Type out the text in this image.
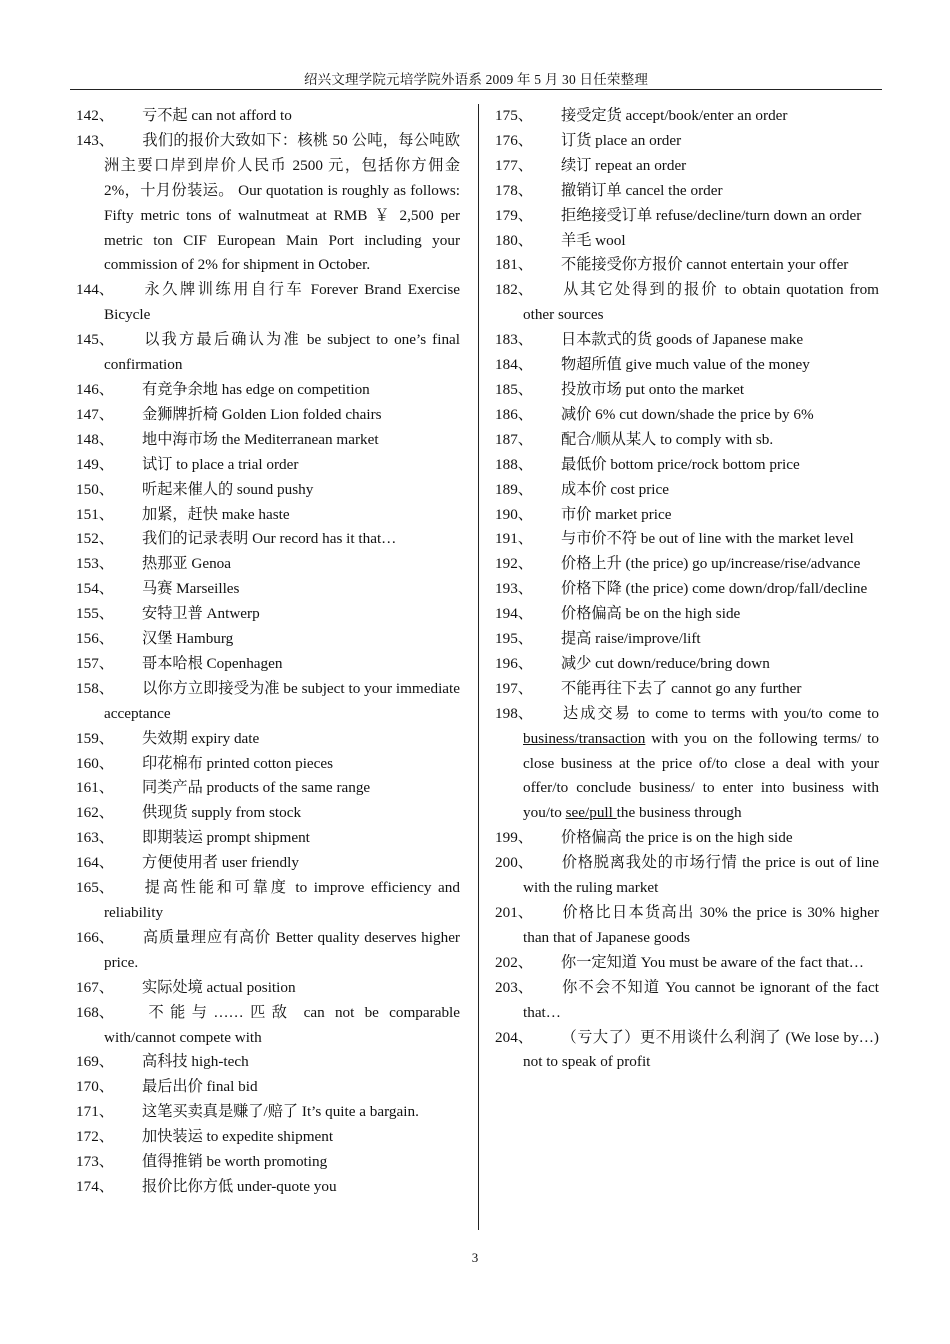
绍兴文理学院元培学院外语系 2009 年 5 月 30 日任荣整理

142、 亏不起 can not afford to

143、 我们的报价大致如下：核桃 50 公吨，每公吨欧洲主要口岸到岸价人民币 2500 元，包括你方佣金 2%，十月份装运。 Our quotation is roughly as follows: Fifty metric tons of walnutmeat at RMB ￥ 2,500 per metric ton CIF European Main Port including your commission of 2% for shipment in October.

144、 永久牌训练用自行车 Forever Brand Exercise Bicycle

145、 以我方最后确认为准 be subject to one’s final confirmation

146、 有竞争余地 has edge on competition

147、 金狮牌折椅 Golden Lion folded chairs

148、 地中海市场 the Mediterranean market

149、 试订 to place a trial order

150、 听起来催人的 sound pushy

151、 加紧，赶快 make haste

152、 我们的记录表明 Our record has it that…

153、 热那亚 Genoa

154、 马赛 Marseilles

155、 安特卫普 Antwerp

156、 汉堡 Hamburg

157、 哥本哈根 Copenhagen

158、 以你方立即接受为准 be subject to your immediate acceptance

159、 失效期 expiry date

160、 印花棉布 printed cotton pieces

161、 同类产品 products of the same range

162、 供现货 supply from stock

163、 即期装运 prompt shipment

164、 方便使用者 user friendly

165、 提高性能和可靠度 to improve efficiency and reliability

166、 高质量理应有高价 Better quality deserves higher price.

167、 实际处境 actual position

168、 不能与……匹敌 can not be comparable with/cannot compete with

169、 高科技 high-tech

170、 最后出价 final bid

171、 这笔买卖真是赚了/赔了 It’s quite a bargain.

172、 加快装运 to expedite shipment

173、 值得推销 be worth promoting

174、 报价比你方低 under-quote you

175、 接受定货 accept/book/enter an order

176、 订货 place an order

177、 续订 repeat an order

178、 撤销订单 cancel the order

179、 拒绝接受订单 refuse/decline/turn down an order

180、 羊毛 wool

181、 不能接受你方报价 cannot entertain your offer

182、 从其它处得到的报价 to obtain quotation from other sources

183、 日本款式的货 goods of Japanese make

184、 物超所值 give much value of the money

185、 投放市场 put onto the market

186、 减价 6% cut down/shade the price by 6%

187、 配合/顺从某人 to comply with sb.

188、 最低价 bottom price/rock bottom price

189、 成本价 cost price

190、 市价 market price

191、 与市价不符 be out of line with the market level

192、 价格上升 (the price) go up/increase/rise/advance

193、 价格下降 (the price) come down/drop/fall/decline

194、 价格偏高 be on the high side

195、 提高 raise/improve/lift

196、 减少 cut down/reduce/bring down

197、 不能再往下去了 cannot go any further

198、 达成交易 to come to terms with you/to come to business/transaction with you on the following terms/ to close business at the price of/to close a deal with your offer/to conclude business/ to enter into business with you/to see/pull the business through

199、 价格偏高 the price is on the high side

200、 价格脱离我处的市场行情 the price is out of line with the ruling market

201、 价格比日本货高出 30% the price is 30% higher than that of Japanese goods

202、 你一定知道 You must be aware of the fact that…

203、 你不会不知道 You cannot be ignorant of the fact that…

204、 （亏大了）更不用谈什么利润了 (We lose by…) not to speak of profit

3
